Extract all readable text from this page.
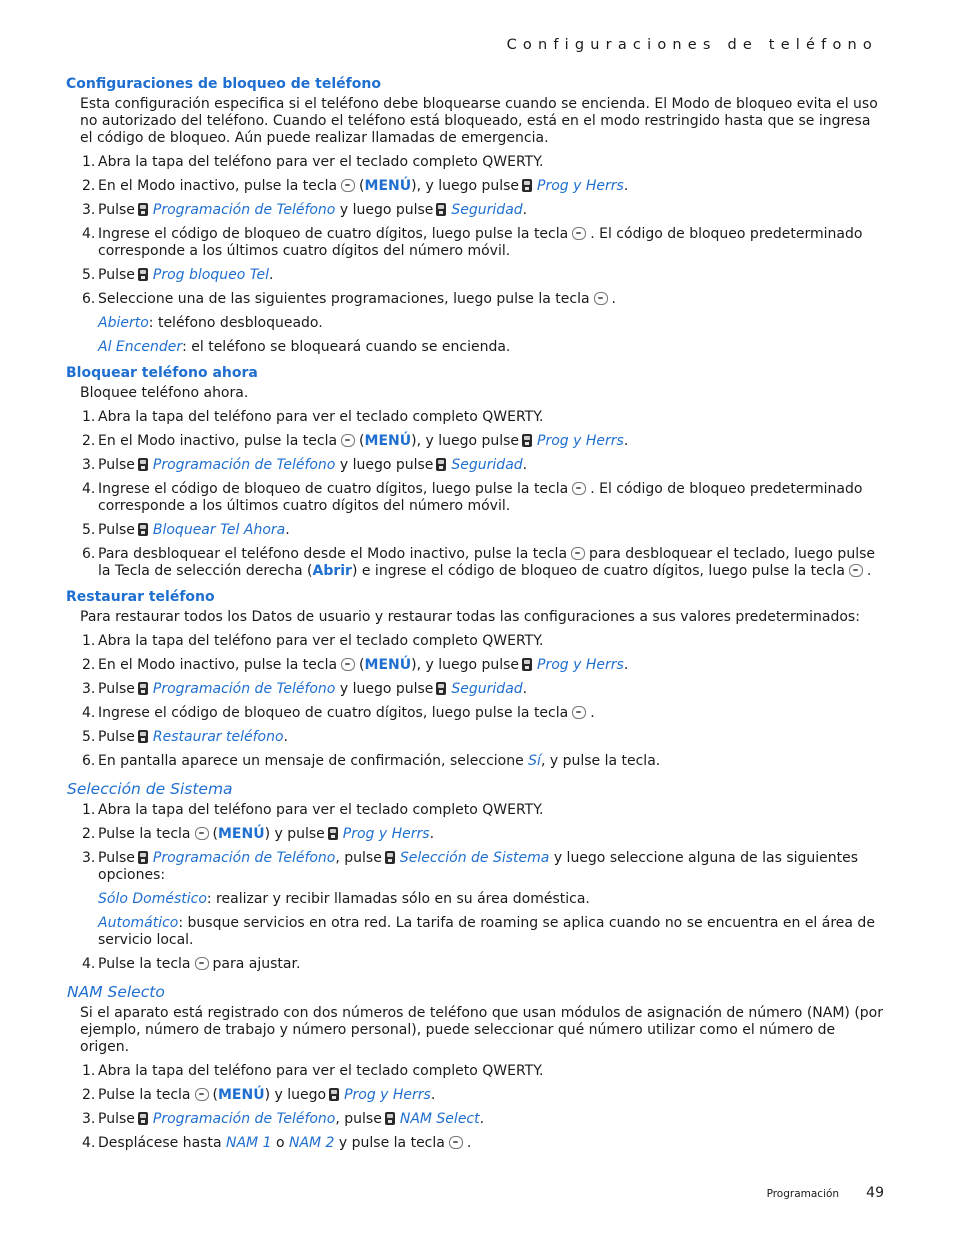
Configuraciones de teléfono
Configuraciones de bloqueo de teléfono
Esta configuración especifica si el teléfono debe bloquearse cuando se encienda. El Modo de bloqueo evita el uso no autorizado del teléfono. Cuando el teléfono está bloqueado, está en el modo restringido hasta que se ingresa el código de bloqueo. Aún puede realizar llamadas de emergencia.
1. Abra la tapa del teléfono para ver el teclado completo QWERTY.
2. En el Modo inactivo, pulse la tecla (MENÚ), y luego pulse Prog y Herrs.
3. Pulse Programación de Teléfono y luego pulse Seguridad.
4. Ingrese el código de bloqueo de cuatro dígitos, luego pulse la tecla . El código de bloqueo predeterminado corresponde a los últimos cuatro dígitos del número móvil.
5. Pulse Prog bloqueo Tel.
6. Seleccione una de las siguientes programaciones, luego pulse la tecla .
Abierto: teléfono desbloqueado.
Al Encender: el teléfono se bloqueará cuando se encienda.
Bloquear teléfono ahora
Bloquee teléfono ahora.
1. Abra la tapa del teléfono para ver el teclado completo QWERTY.
2. En el Modo inactivo, pulse la tecla (MENÚ), y luego pulse Prog y Herrs.
3. Pulse Programación de Teléfono y luego pulse Seguridad.
4. Ingrese el código de bloqueo de cuatro dígitos, luego pulse la tecla . El código de bloqueo predeterminado corresponde a los últimos cuatro dígitos del número móvil.
5. Pulse Bloquear Tel Ahora.
6. Para desbloquear el teléfono desde el Modo inactivo, pulse la tecla para desbloquear el teclado, luego pulse la Tecla de selección derecha (Abrir) e ingrese el código de bloqueo de cuatro dígitos, luego pulse la tecla .
Restaurar teléfono
Para restaurar todos los Datos de usuario y restaurar todas las configuraciones a sus valores predeterminados:
1. Abra la tapa del teléfono para ver el teclado completo QWERTY.
2. En el Modo inactivo, pulse la tecla (MENÚ), y luego pulse Prog y Herrs.
3. Pulse Programación de Teléfono y luego pulse Seguridad.
4. Ingrese el código de bloqueo de cuatro dígitos, luego pulse la tecla .
5. Pulse Restaurar teléfono.
6. En pantalla aparece un mensaje de confirmación, seleccione Sí, y pulse la tecla.
Selección de Sistema
1. Abra la tapa del teléfono para ver el teclado completo QWERTY.
2. Pulse la tecla (MENÚ) y pulse Prog y Herrs.
3. Pulse Programación de Teléfono, pulse Selección de Sistema y luego seleccione alguna de las siguientes opciones:
Sólo Doméstico: realizar y recibir llamadas sólo en su área doméstica.
Automático: busque servicios en otra red. La tarifa de roaming se aplica cuando no se encuentra en el área de servicio local.
4. Pulse la tecla para ajustar.
NAM Selecto
Si el aparato está registrado con dos números de teléfono que usan módulos de asignación de número (NAM) (por ejemplo, número de trabajo y número personal), puede seleccionar qué número utilizar como el número de origen.
1. Abra la tapa del teléfono para ver el teclado completo QWERTY.
2. Pulse la tecla (MENÚ) y luego Prog y Herrs.
3. Pulse Programación de Teléfono, pulse NAM Select.
4. Desplácese hasta NAM 1 o NAM 2 y pulse la tecla .
Programación 49
